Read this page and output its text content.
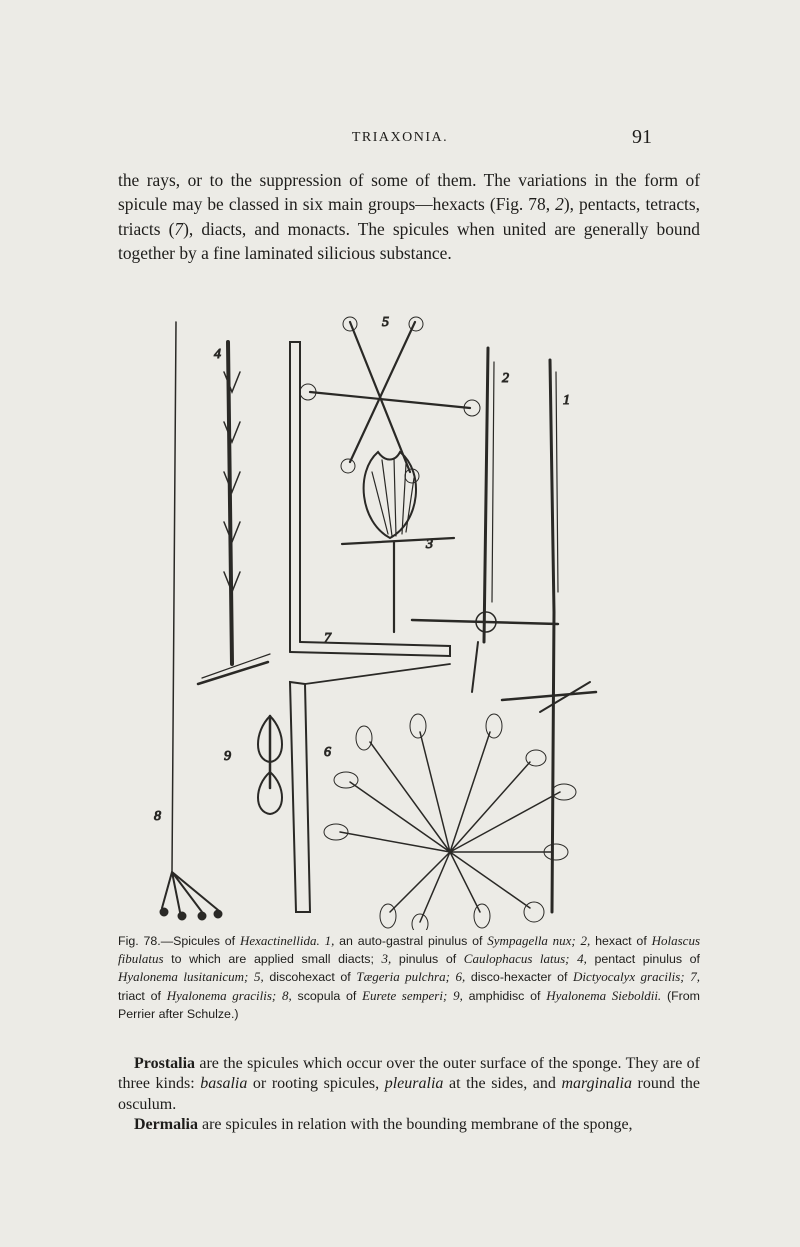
TRIAXONIA.	91

the rays, or to the suppression of some of them. The variations in the form of spicule may be classed in six main groups—hexacts (Fig. 78, 2), pentacts, tetracts, triacts (7), diacts, and monacts. The spicules when united are generally bound together by a fine laminated silicious substance.

1
2
3
4
5
6
7
8
9

Fig. 78.—Spicules of Hexactinellida. 1, an auto-gastral pinulus of Sympagella nux; 2, hexact of Holascus fibulatus to which are applied small diacts; 3, pinulus of Caulophacus latus; 4, pentact pinulus of Hyalonema lusitanicum; 5, discohexact of Tægeria pulchra; 6, disco-hexacter of Dictyocalyx gracilis; 7, triact of Hyalonema gracilis; 8, scopula of Eurete semperi; 9, amphidisc of Hyalonema Sieboldii. (From Perrier after Schulze.)

Prostalia are the spicules which occur over the outer surface of the sponge. They are of three kinds: basalia or rooting spicules, pleuralia at the sides, and marginalia round the osculum.

Dermalia are spicules in relation with the bounding membrane of the sponge,
